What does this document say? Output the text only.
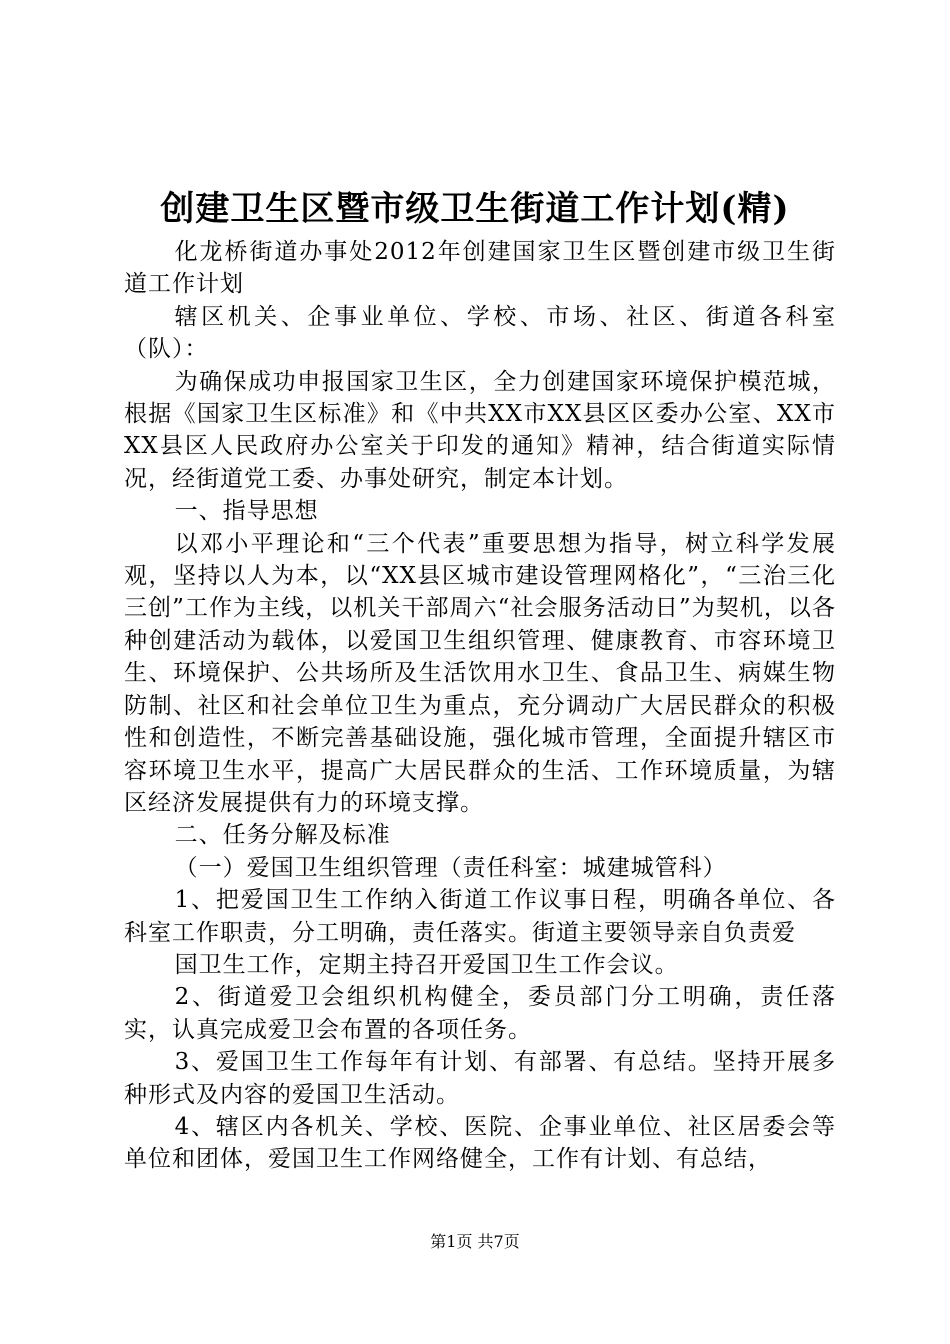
创建卫生区暨市级卫生街道工作计划(精)

化龙桥街道办事处2012年创建国家卫生区暨创建市级卫生街道工作计划

辖区机关、企事业单位、学校、市场、社区、街道各科室（队）：

为确保成功申报国家卫生区，全力创建国家环境保护模范城，根据《国家卫生区标准》和《中共XX市XX县区区委办公室、XX市XX县区人民政府办公室关于印发的通知》精神，结合街道实际情况，经街道党工委、办事处研究，制定本计划。

一、指导思想

以邓小平理论和“三个代表”重要思想为指导，树立科学发展观，坚持以人为本，以“XX县区城市建设管理网格化”，“三治三化三创”工作为主线，以机关干部周六“社会服务活动日”为契机，以各种创建活动为载体，以爱国卫生组织管理、健康教育、市容环境卫生、环境保护、公共场所及生活饮用水卫生、食品卫生、病媒生物防制、社区和社会单位卫生为重点，充分调动广大居民群众的积极性和创造性，不断完善基础设施，强化城市管理，全面提升辖区市容环境卫生水平，提高广大居民群众的生活、工作环境质量，为辖区经济发展提供有力的环境支撑。

二、任务分解及标准

（一）爱国卫生组织管理（责任科室：城建城管科）

1、把爱国卫生工作纳入街道工作议事日程，明确各单位、各科室工作职责，分工明确，责任落实。街道主要领导亲自负责爱

国卫生工作，定期主持召开爱国卫生工作会议。

2、街道爱卫会组织机构健全，委员部门分工明确，责任落实，认真完成爱卫会布置的各项任务。

3、爱国卫生工作每年有计划、有部署、有总结。坚持开展多种形式及内容的爱国卫生活动。

4、辖区内各机关、学校、医院、企事业单位、社区居委会等单位和团体，爱国卫生工作网络健全，工作有计划、有总结，

第1页 共7页
